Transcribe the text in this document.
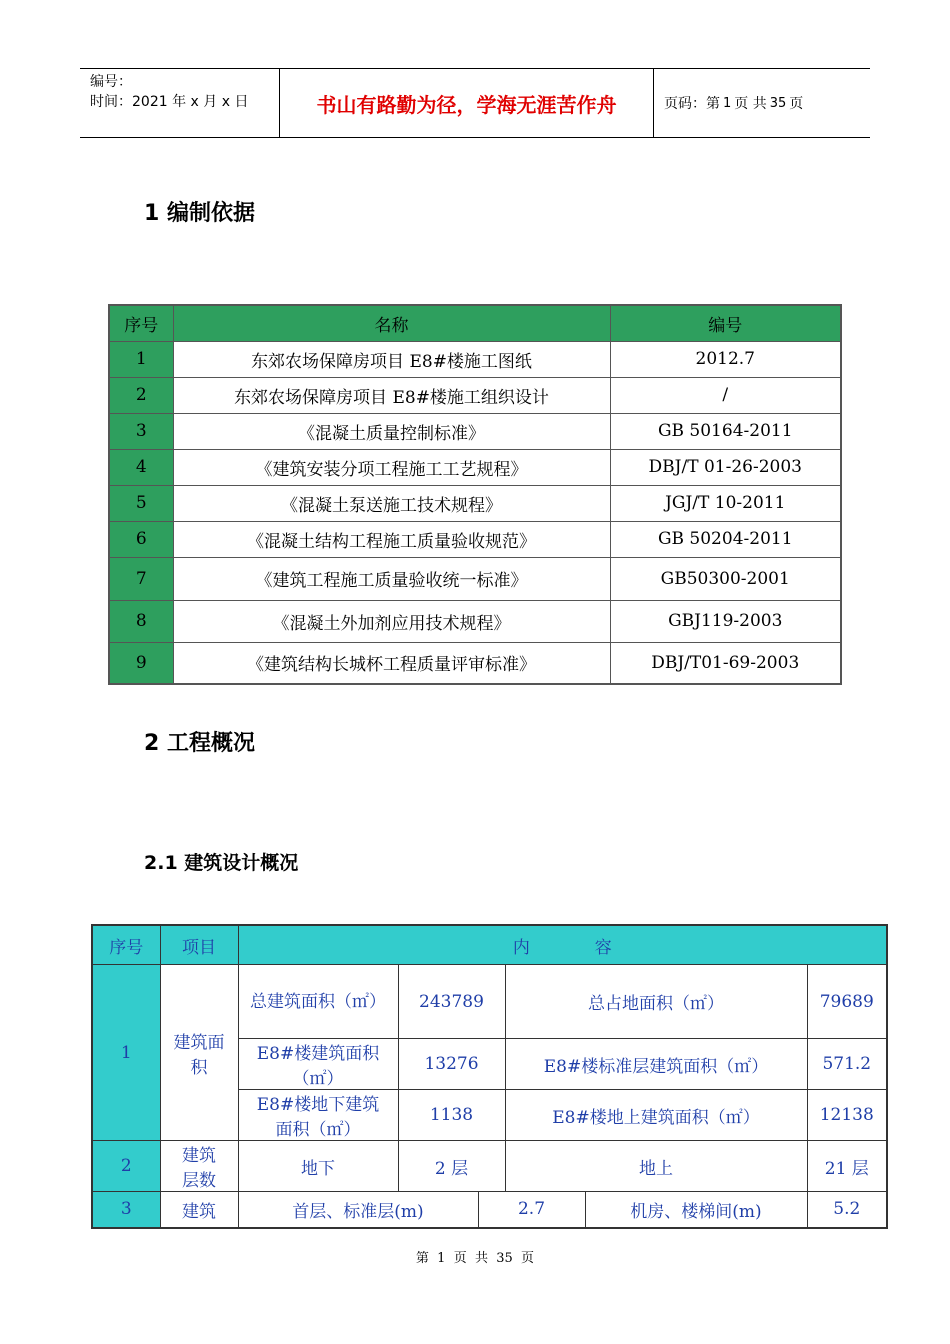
编号：
时间：2021 年 x 月 x 日	书山有路勤为径，学海无涯苦作舟	页码：第 1 页 共 35 页
1 编制依据
序号	名称	编号
1	东郊农场保障房项目 E8#楼施工图纸	2012.7
2	东郊农场保障房项目 E8#楼施工组织设计	/
3	《混凝土质量控制标准》	GB 50164-2011
4	《建筑安装分项工程施工工艺规程》	DBJ/T 01-26-2003
5	《混凝土泵送施工技术规程》	JGJ/T 10-2011
6	《混凝土结构工程施工质量验收规范》	GB 50204-2011
7	《建筑工程施工质量验收统一标准》	GB50300-2001
8	《混凝土外加剂应用技术规程》	GBJ119-2003
9	《建筑结构长城杯工程质量评审标准》	DBJ/T01-69-2003
2 工程概况
2.1 建筑设计概况
序号	项目	内            容					
1	建筑面积	总建筑面积（㎡）	243789		总占地面积（㎡）		79689
		E8#楼建筑面积（㎡）	13276		E8#楼标准层建筑面积（㎡）		571.2
		E8#楼地下建筑面积（㎡）	1138		E8#楼地上建筑面积（㎡）		12138
2	建筑层数	地下	2 层		地上		21 层
3	建筑	首层、标准层(m)		2.7		机房、楼梯间(m)	5.2
第  1  页  共  35  页
